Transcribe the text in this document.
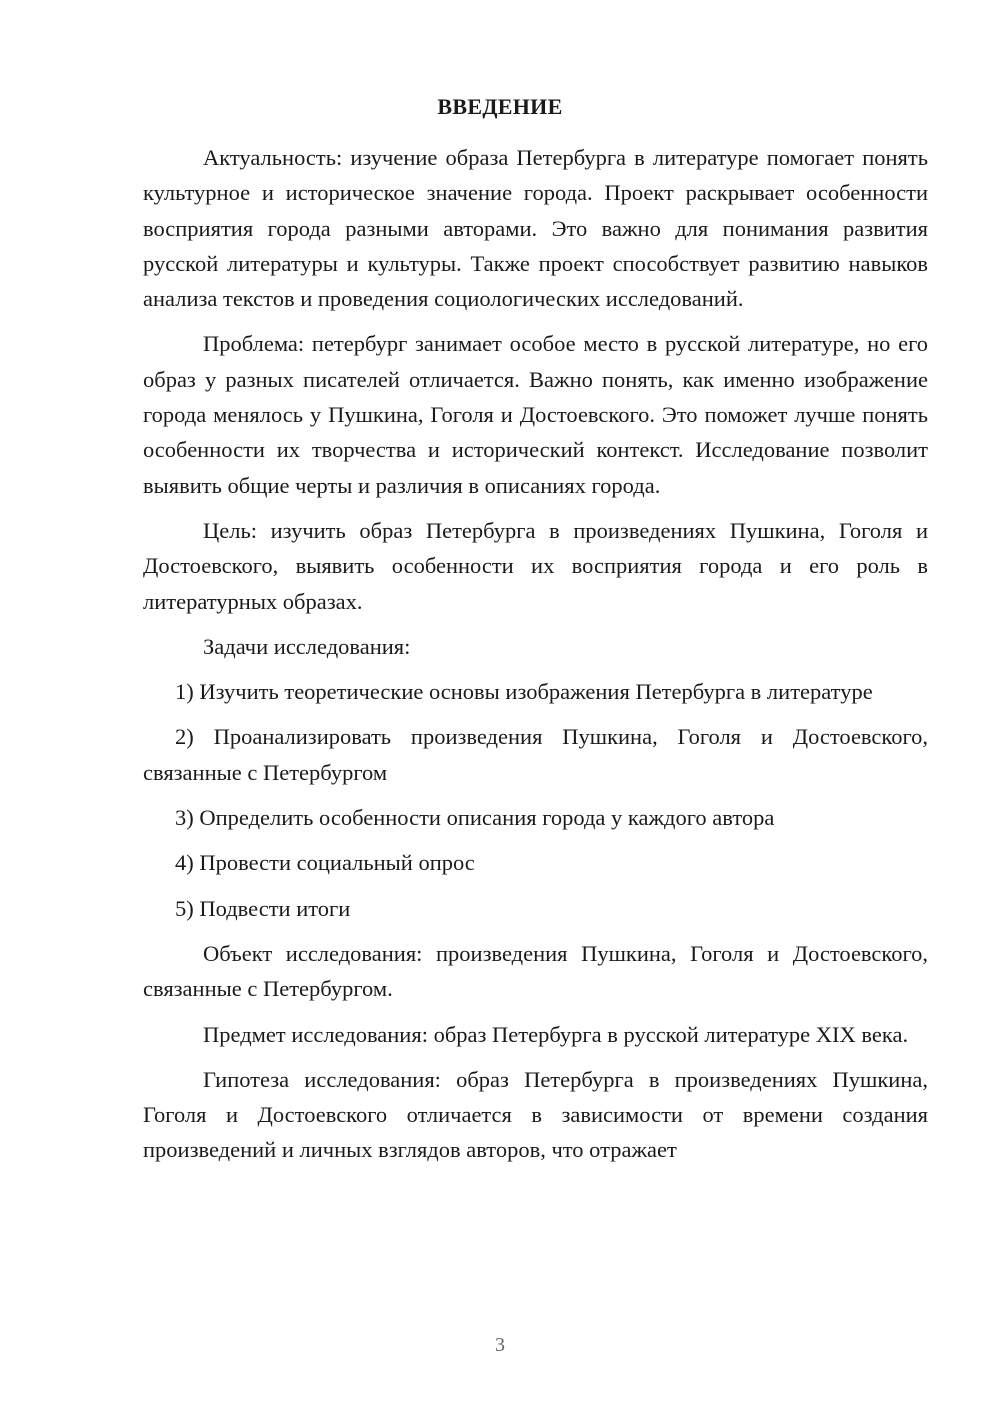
ВВЕДЕНИЕ

Актуальность: изучение образа Петербурга в литературе помогает понять культурное и историческое значение города. Проект раскрывает особенности восприятия города разными авторами. Это важно для понимания развития русской литературы и культуры. Также проект способствует развитию навыков анализа текстов и проведения социологических исследований.

Проблема: петербург занимает особое место в русской литературе, но его образ у разных писателей отличается. Важно понять, как именно изображение города менялось у Пушкина, Гоголя и Достоевского. Это поможет лучше понять особенности их творчества и исторический контекст. Исследование позволит выявить общие черты и различия в описаниях города.

Цель: изучить образ Петербурга в произведениях Пушкина, Гоголя и Достоевского, выявить особенности их восприятия города и его роль в литературных образах.

Задачи исследования:

1) Изучить теоретические основы изображения Петербурга в литературе

2) Проанализировать произведения Пушкина, Гоголя и Достоевского, связанные с Петербургом

3) Определить особенности описания города у каждого автора

4) Провести социальный опрос

5) Подвести итоги

Объект исследования: произведения Пушкина, Гоголя и Достоевского, связанные с Петербургом.

Предмет исследования: образ Петербурга в русской литературе XIX века.

Гипотеза исследования: образ Петербурга в произведениях Пушкина, Гоголя и Достоевского отличается в зависимости от времени создания произведений и личных взглядов авторов, что отражает

3
